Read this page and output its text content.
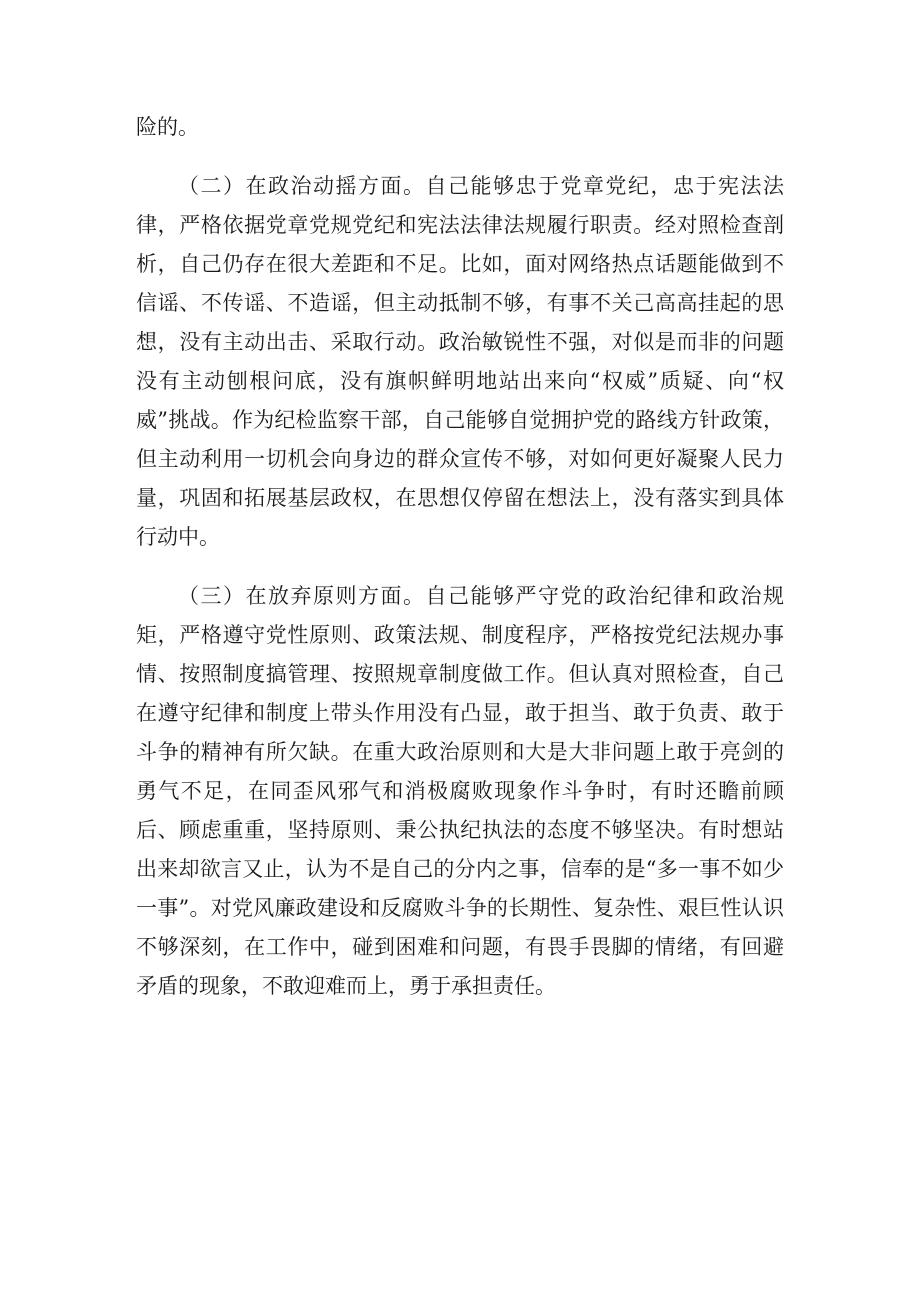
险的。

（二）在政治动摇方面。自己能够忠于党章党纪，忠于宪法法律，严格依据党章党规党纪和宪法法律法规履行职责。经对照检查剖析，自己仍存在很大差距和不足。比如，面对网络热点话题能做到不信谣、不传谣、不造谣，但主动抵制不够，有事不关己高高挂起的思想，没有主动出击、采取行动。政治敏锐性不强，对似是而非的问题没有主动刨根问底，没有旗帜鲜明地站出来向“权威”质疑、向“权威”挑战。作为纪检监察干部，自己能够自觉拥护党的路线方针政策，但主动利用一切机会向身边的群众宣传不够，对如何更好凝聚人民力量，巩固和拓展基层政权，在思想仅停留在想法上，没有落实到具体行动中。

（三）在放弃原则方面。自己能够严守党的政治纪律和政治规矩，严格遵守党性原则、政策法规、制度程序，严格按党纪法规办事情、按照制度搞管理、按照规章制度做工作。但认真对照检查，自己在遵守纪律和制度上带头作用没有凸显，敢于担当、敢于负责、敢于斗争的精神有所欠缺。在重大政治原则和大是大非问题上敢于亮剑的勇气不足，在同歪风邪气和消极腐败现象作斗争时，有时还瞻前顾后、顾虑重重，坚持原则、秉公执纪执法的态度不够坚决。有时想站出来却欲言又止，认为不是自己的分内之事，信奉的是“多一事不如少一事”。对党风廉政建设和反腐败斗争的长期性、复杂性、艰巨性认识不够深刻，在工作中，碰到困难和问题，有畏手畏脚的情绪，有回避矛盾的现象，不敢迎难而上，勇于承担责任。
